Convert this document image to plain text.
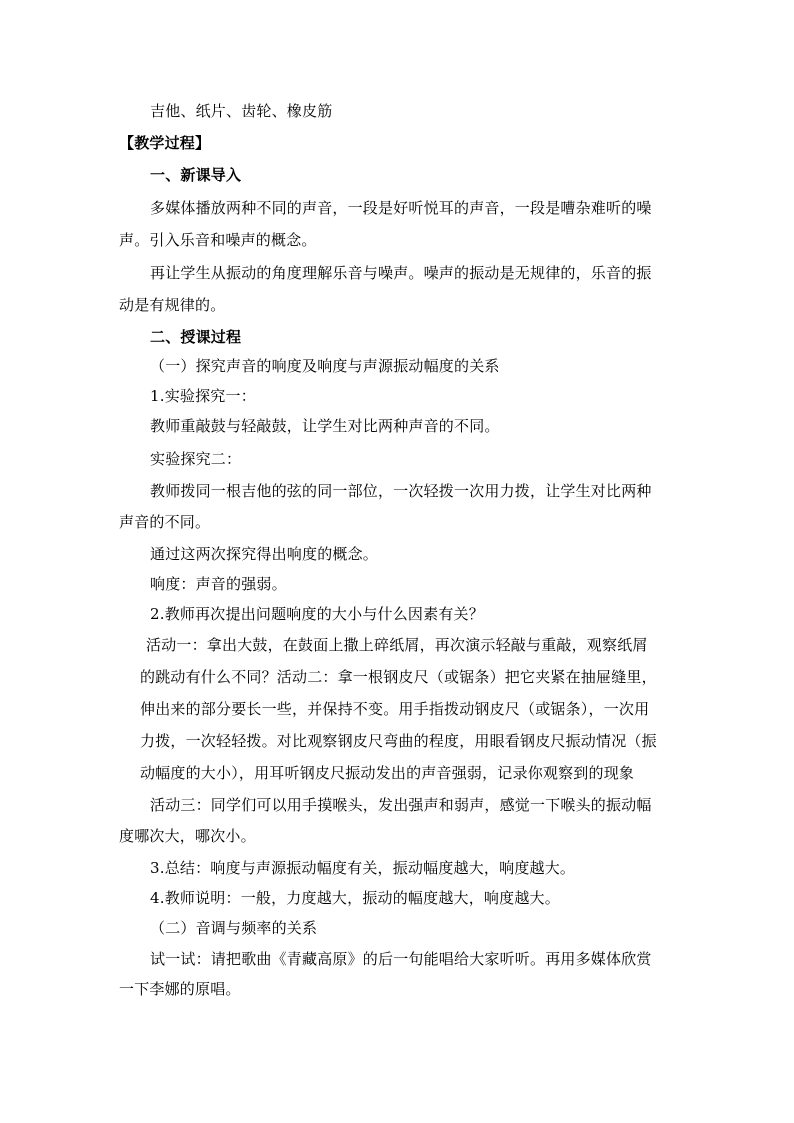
吉他、纸片、齿轮、橡皮筋
【教学过程】
一、新课导入
多媒体播放两种不同的声音，一段是好听悦耳的声音，一段是嘈杂难听的噪
声。引入乐音和噪声的概念。
再让学生从振动的角度理解乐音与噪声。噪声的振动是无规律的，乐音的振
动是有规律的。
二、授课过程
（一）探究声音的响度及响度与声源振动幅度的关系
1.实验探究一：
教师重敲鼓与轻敲鼓，让学生对比两种声音的不同。
实验探究二：
教师拨同一根吉他的弦的同一部位，一次轻拨一次用力拨，让学生对比两种
声音的不同。
通过这两次探究得出响度的概念。
响度：声音的强弱。
2.教师再次提出问题响度的大小与什么因素有关？
活动一：拿出大鼓，在鼓面上撒上碎纸屑，再次演示轻敲与重敲，观察纸屑
的跳动有什么不同？活动二：拿一根钢皮尺（或锯条）把它夹紧在抽屉缝里，
伸出来的部分要长一些，并保持不变。用手指拨动钢皮尺（或锯条），一次用
力拨，一次轻轻拨。对比观察钢皮尺弯曲的程度，用眼看钢皮尺振动情况（振
动幅度的大小），用耳听钢皮尺振动发出的声音强弱，记录你观察到的现象
活动三：同学们可以用手摸喉头，发出强声和弱声，感觉一下喉头的振动幅
度哪次大，哪次小。
3.总结：响度与声源振动幅度有关，振动幅度越大，响度越大。
4.教师说明：一般，力度越大，振动的幅度越大，响度越大。
（二）音调与频率的关系
试一试：请把歌曲《青藏高原》的后一句能唱给大家听听。再用多媒体欣赏
一下李娜的原唱。
